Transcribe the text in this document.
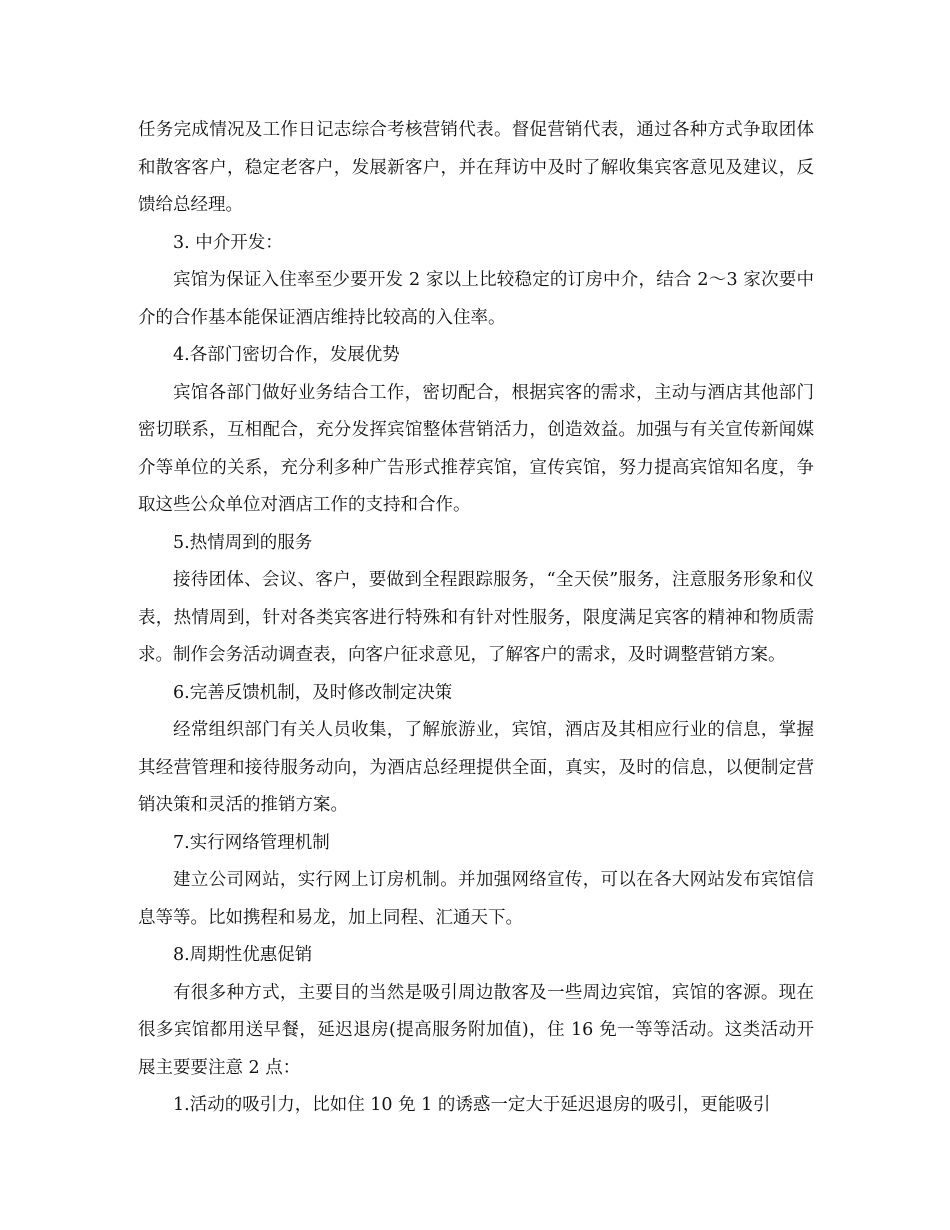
任务完成情况及工作日记志综合考核营销代表。督促营销代表，通过各种方式争取团体和散客客户，稳定老客户，发展新客户，并在拜访中及时了解收集宾客意见及建议，反馈给总经理。

3. 中介开发：

宾馆为保证入住率至少要开发 2 家以上比较稳定的订房中介，结合 2～3 家次要中介的合作基本能保证酒店维持比较高的入住率。

4.各部门密切合作，发展优势

宾馆各部门做好业务结合工作，密切配合，根据宾客的需求，主动与酒店其他部门密切联系，互相配合，充分发挥宾馆整体营销活力，创造效益。加强与有关宣传新闻媒介等单位的关系，充分利多种广告形式推荐宾馆，宣传宾馆，努力提高宾馆知名度，争取这些公众单位对酒店工作的支持和合作。

5.热情周到的服务

接待团体、会议、客户，要做到全程跟踪服务，“全天侯”服务，注意服务形象和仪表，热情周到，针对各类宾客进行特殊和有针对性服务，限度满足宾客的精神和物质需求。制作会务活动调查表，向客户征求意见，了解客户的需求，及时调整营销方案。

6.完善反馈机制，及时修改制定决策

经常组织部门有关人员收集，了解旅游业，宾馆，酒店及其相应行业的信息，掌握其经营管理和接待服务动向，为酒店总经理提供全面，真实，及时的信息，以便制定营销决策和灵活的推销方案。

7.实行网络管理机制

建立公司网站，实行网上订房机制。并加强网络宣传，可以在各大网站发布宾馆信息等等。比如携程和易龙，加上同程、汇通天下。

8.周期性优惠促销

有很多种方式，主要目的当然是吸引周边散客及一些周边宾馆，宾馆的客源。现在很多宾馆都用送早餐，延迟退房(提高服务附加值)，住 16 免一等等活动。这类活动开展主要要注意 2 点：

1.活动的吸引力，比如住 10 免 1 的诱惑一定大于延迟退房的吸引，更能吸引
